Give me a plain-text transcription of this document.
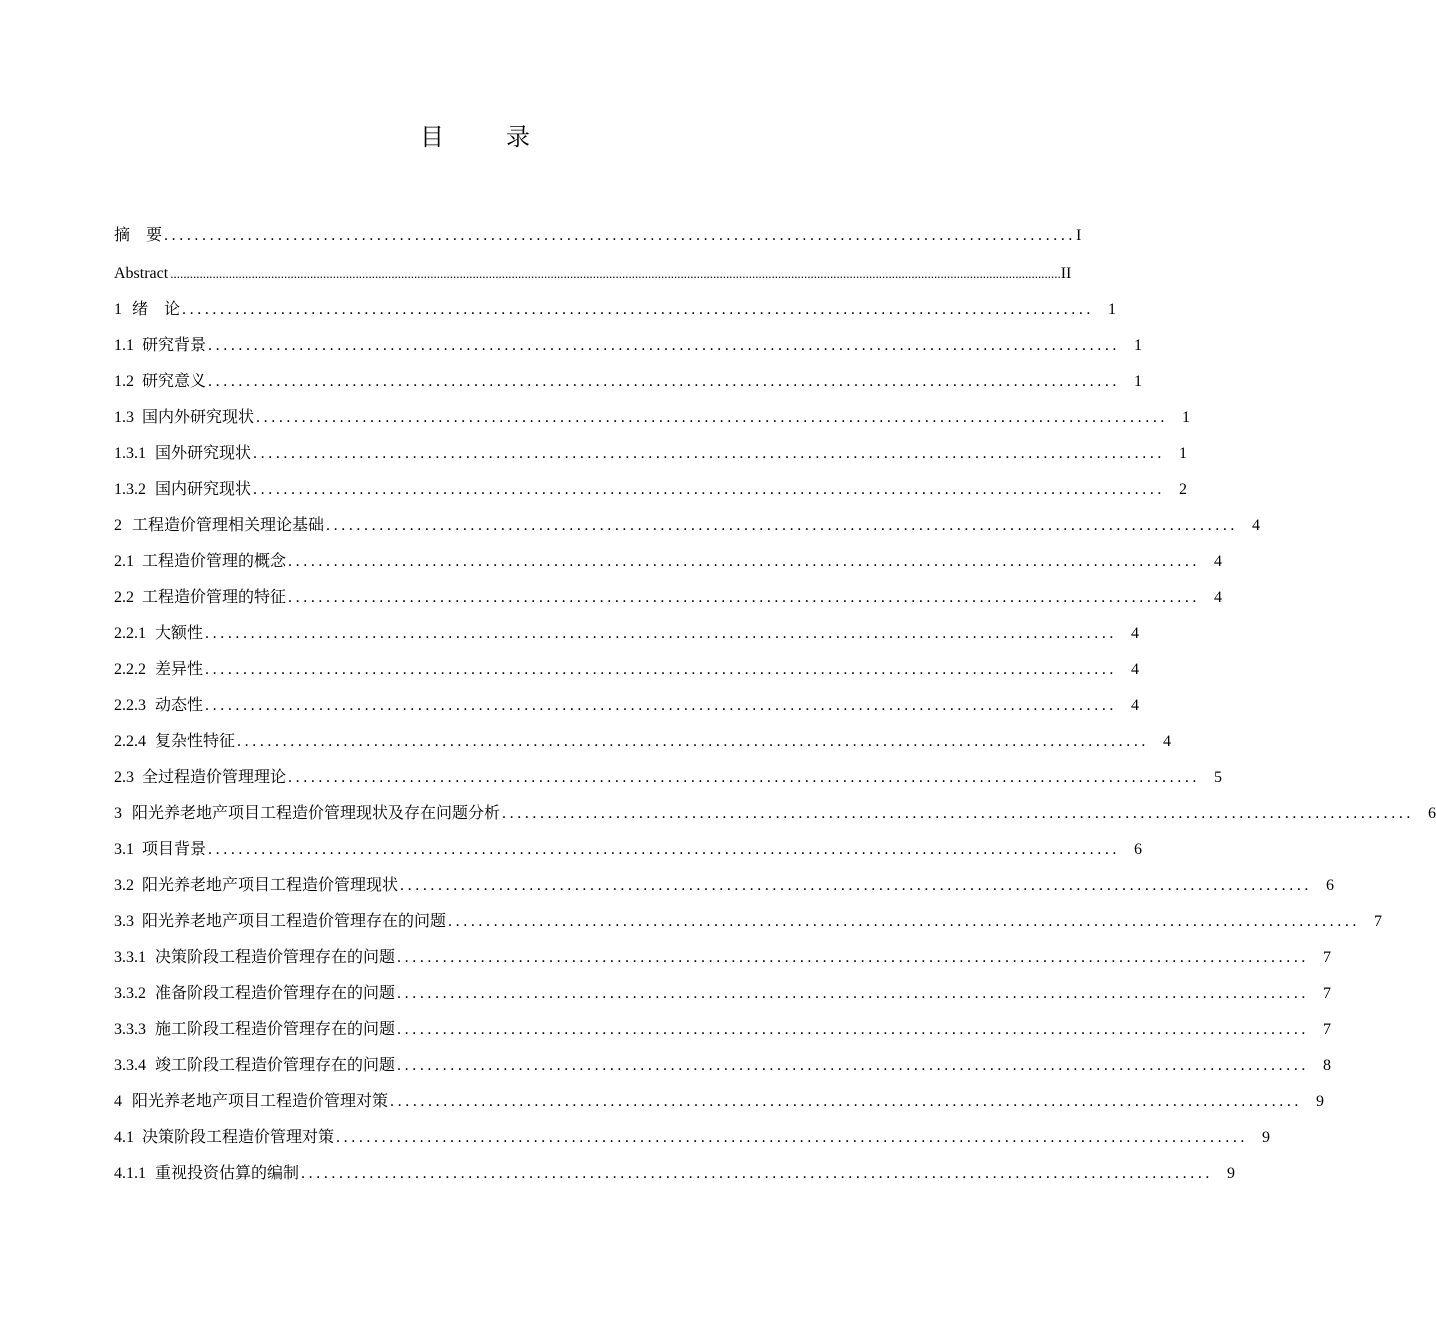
目 录
摘　要 ........................................................................................................................ I
Abstract .................................................................................................................................................................................................................................................................................. II
1 绪　论 ........................................................................................................................ 1
1.1 研究背景 ........................................................................................................................ 1
1.2 研究意义 ........................................................................................................................ 1
1.3 国内外研究现状 ........................................................................................................................ 1
1.3.1 国外研究现状 ........................................................................................................................ 1
1.3.2 国内研究现状 ........................................................................................................................ 2
2 工程造价管理相关理论基础 ........................................................................................................................ 4
2.1 工程造价管理的概念 ........................................................................................................................ 4
2.2 工程造价管理的特征 ........................................................................................................................ 4
2.2.1 大额性 ........................................................................................................................ 4
2.2.2 差异性 ........................................................................................................................ 4
2.2.3 动态性 ........................................................................................................................ 4
2.2.4 复杂性特征 ........................................................................................................................ 4
2.3 全过程造价管理理论 ........................................................................................................................ 5
3 阳光养老地产项目工程造价管理现状及存在问题分析 ........................................................................................................................ 6
3.1 项目背景 ........................................................................................................................ 6
3.2 阳光养老地产项目工程造价管理现状 ........................................................................................................................ 6
3.3 阳光养老地产项目工程造价管理存在的问题 ........................................................................................................................ 7
3.3.1 决策阶段工程造价管理存在的问题 ........................................................................................................................ 7
3.3.2 准备阶段工程造价管理存在的问题 ........................................................................................................................ 7
3.3.3 施工阶段工程造价管理存在的问题 ........................................................................................................................ 7
3.3.4 竣工阶段工程造价管理存在的问题 ........................................................................................................................ 8
4 阳光养老地产项目工程造价管理对策 ........................................................................................................................ 9
4.1 决策阶段工程造价管理对策 ........................................................................................................................ 9
4.1.1 重视投资估算的编制 ........................................................................................................................ 9
